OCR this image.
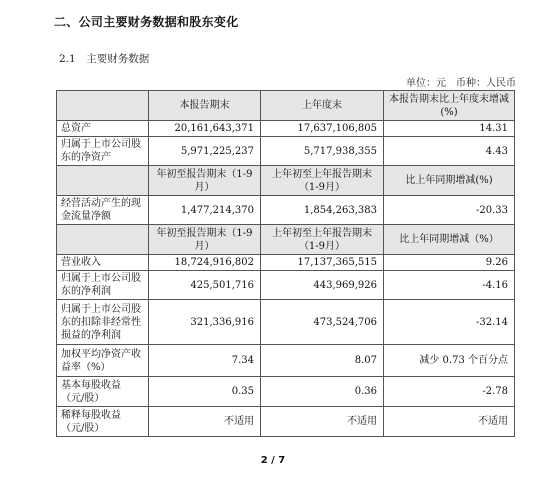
二、公司主要财务数据和股东变化
2.1　主要财务数据
单位：元　币种：人民币
	本报告期末	上年度末	本报告期末比上年度末增减(%)
总资产	20,161,643,371	17,637,106,805	14.31
归属于上市公司股东的净资产	5,971,225,237	5,717,938,355	4.43
	年初至报告期末（1-9月）	上年初至上年报告期末（1-9月）	比上年同期增减(%)
经营活动产生的现金流量净额	1,477,214,370	1,854,263,383	-20.33
	年初至报告期末（1-9月）	上年初至上年报告期末（1-9月）	比上年同期增减（%）
营业收入	18,724,916,802	17,137,365,515	9.26
归属于上市公司股东的净利润	425,501,716	443,969,926	-4.16
归属于上市公司股东的扣除非经常性损益的净利润	321,336,916	473,524,706	-32.14
加权平均净资产收益率（%）	7.34	8.07	减少 0.73 个百分点
基本每股收益（元/股）	0.35	0.36	-2.78
稀释每股收益（元/股）	不适用	不适用	不适用
2 / 7
